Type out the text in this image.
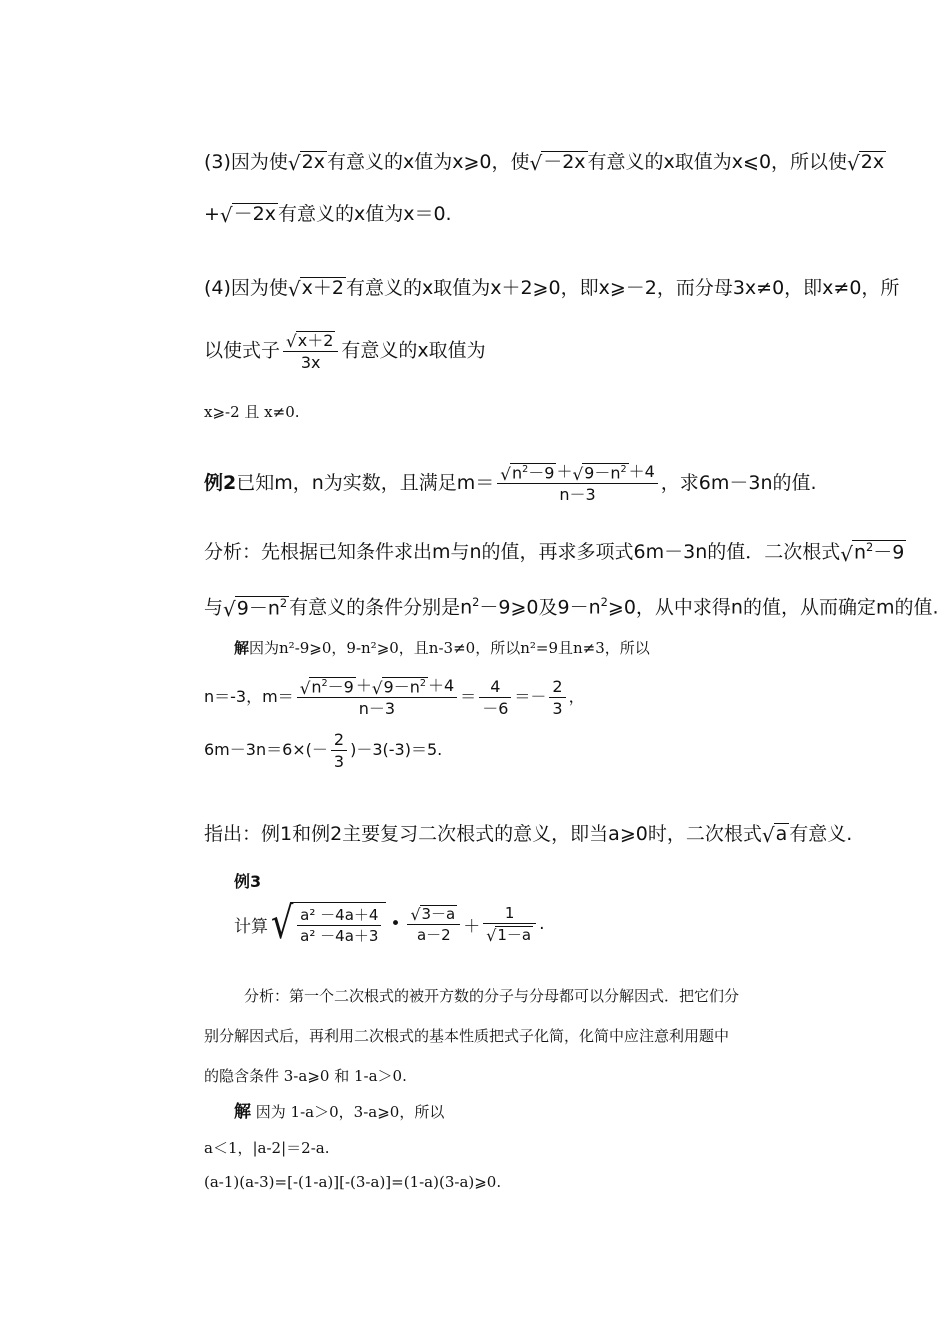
(3)因为使 √ 2x 有意义的x值为x⩾0，使 √ －2x 有意义的x取值为x⩽0，所以使 √ 2x
+ √ －2x 有意义的x值为x＝0.
(4)因为使 √ x＋2 有意义的x取值为x＋2⩾0，即x⩾－2，而分母3x≠0，即x≠0，所
以使式子 $\frac{√ x+2}{3x}$ 有意义的x取值为
x⩾-2 且 x≠0.
例2已知m，n为实数，且满足$m= \frac{√ n^2-9 + √ 9-n^2 +4}{n-3}$ ，求6m－3n的值.
分析：先根据已知条件求出m与n的值，再求多项式6m－3n的值．二次根式 √ $n^2-9$
与 √ $9-n^2$ 有意义的条件分别是$n^2-9⩾0$及$9-n^2⩾0$，从中求得n的值，从而确定m的值.
解因为n²-9⩾0，9-n²⩾0，且n-3≠0，所以n²=9且n≠3，所以
n＝-3，$m= \frac{√ n^2-9 + √ 9-n^2 +4}{n-3} = \frac{4}{-6} =- \frac{2}{3}$ ，
$6m-3n=6\times(- \frac{2}{3} )-3(-3)=5$.
指出：例1和例2主要复习二次根式的意义，即当a⩾0时，二次根式 √ a 有意义.
例3
计算 √ $\frac{\text{a² －4a＋4}}{\text{a² －4a＋3}}$ • $\frac{√ 3-a}{a-2} + \frac{1}{√ 1-a}$ .
分析：第一个二次根式的被开方数的分子与分母都可以分解因式．把它们分
别分解因式后，再利用二次根式的基本性质把式子化简，化简中应注意利用题中
的隐含条件 3-a⩾0 和 1-a＞0.
解 因为 1-a＞0，3-a⩾0，所以
a＜1，|a-2|＝2-a.
(a-1)(a-3)=[-(1-a)][-(3-a)]=(1-a)(3-a)⩾0.
